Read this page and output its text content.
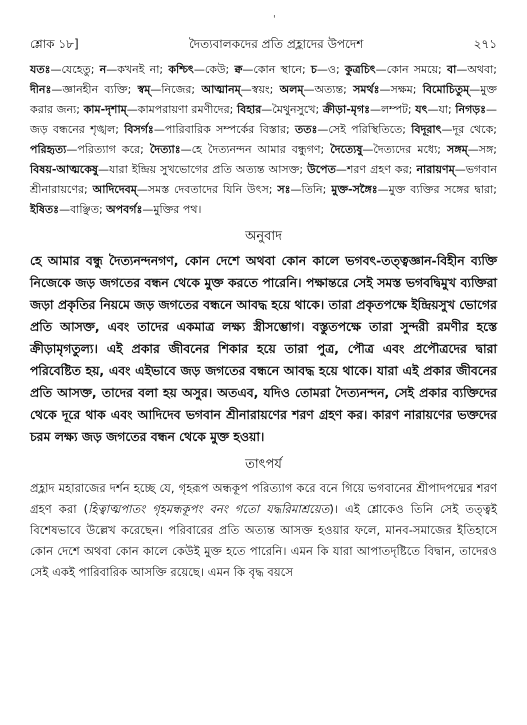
'
শ্লোক ১৮]	দৈত্যবালকদের প্রতি প্রহ্লাদের উপদেশ	২৭১
যতঃ—যেহেতু; ন—কখনই না; কশ্চিৎ—কেউ; ক্ব—কোন স্থানে; চ—ও; কুত্রচিৎ—কোন সময়ে; বা—অথবা; দীনঃ—জ্ঞানহীন ব্যক্তি; স্বম্—নিজের; আত্মানম্—স্বয়ং; অলম্—অত্যন্ত; সমর্থঃ—সক্ষম; বিমোচিতুম্—মুক্ত করার জন্য; কাম-দৃশাম্—কামপরায়ণা রমণীদের; বিহার—মৈথুনসুখে; ক্রীড়া-মৃগঃ—লম্পট; যৎ—যা; নিগড়ঃ—জড় বন্ধনের শৃঙ্খল; বিসর্গঃ—পারিবারিক সম্পর্কের বিস্তার; ততঃ—সেই পরিস্থিতিতে; বিদূরাৎ—দূর থেকে; পরিহৃত্য—পরিত্যাগ করে; দৈত্যাঃ—হে দৈত্যনন্দন আমার বন্ধুগণ; দৈত্যেষু—দৈত্যদের মধ্যে; সঙ্গম্—সঙ্গ; বিষয়-আত্মকেষু—যারা ইন্দ্রিয় সুখভোগের প্রতি অত্যন্ত আসক্ত; উপেত—শরণ গ্রহণ কর; নারায়ণম্—ভগবান শ্রীনারায়ণের; আদিদেবম্—সমস্ত দেবতাদের যিনি উৎস; সঃ—তিনি; মুক্ত-সঙ্গৈঃ—মুক্ত ব্যক্তির সঙ্গের দ্বারা; ইষিতঃ—বাঞ্ছিত; অপবর্গঃ—মুক্তির পথ।
অনুবাদ
হে আমার বন্ধু দৈত্যনন্দনগণ, কোন দেশে অথবা কোন কালে ভগবৎ-তত্ত্বজ্ঞান-বিহীন ব্যক্তি নিজেকে জড় জগতের বন্ধন থেকে মুক্ত করতে পারেনি। পক্ষান্তরে সেই সমস্ত ভগবদ্বিমুখ ব্যক্তিরা জড়া প্রকৃতির নিয়মে জড় জগতের বন্ধনে আবদ্ধ হয়ে থাকে। তারা প্রকৃতপক্ষে ইন্দ্রিয়সুখ ভোগের প্রতি আসক্ত, এবং তাদের একমাত্র লক্ষ্য স্ত্রীসম্ভোগ। বস্তুতপক্ষে তারা সুন্দরী রমণীর হস্তে ক্রীড়ামৃগতুল্য। এই প্রকার জীবনের শিকার হয়ে তারা পুত্র, পৌত্র এবং প্রপৌত্রদের দ্বারা পরিবেষ্টিত হয়, এবং এইভাবে জড় জগতের বন্ধনে আবদ্ধ হয়ে থাকে। যারা এই প্রকার জীবনের প্রতি আসক্ত, তাদের বলা হয় অসুর। অতএব, যদিও তোমরা দৈত্যনন্দন, সেই প্রকার ব্যক্তিদের থেকে দূরে থাক এবং আদিদেব ভগবান শ্রীনারায়ণের শরণ গ্রহণ কর। কারণ নারায়ণের ভক্তদের চরম লক্ষ্য জড় জগতের বন্ধন থেকে মুক্ত হওয়া।
তাৎপর্য
প্রহ্লাদ মহারাজের দর্শন হচ্ছে যে, গৃহরূপ অন্ধকূপ পরিত্যাগ করে বনে গিয়ে ভগবানের শ্রীপাদপদ্মের শরণ গ্রহণ করা (হিত্বাত্মপাতং গৃহমন্ধকূপং বনং গতো যদ্ধরিমাশ্রয়েত)। এই শ্লোকেও তিনি সেই তত্ত্বই বিশেষভাবে উল্লেখ করেছেন। পরিবারের প্রতি অত্যন্ত আসক্ত হওয়ার ফলে, মানব-সমাজের ইতিহাসে কোন দেশে অথবা কোন কালে কেউই মুক্ত হতে পারেনি। এমন কি যারা আপাতদৃষ্টিতে বিদ্বান, তাদেরও সেই একই পারিবারিক আসক্তি রয়েছে। এমন কি বৃদ্ধ বয়সে
